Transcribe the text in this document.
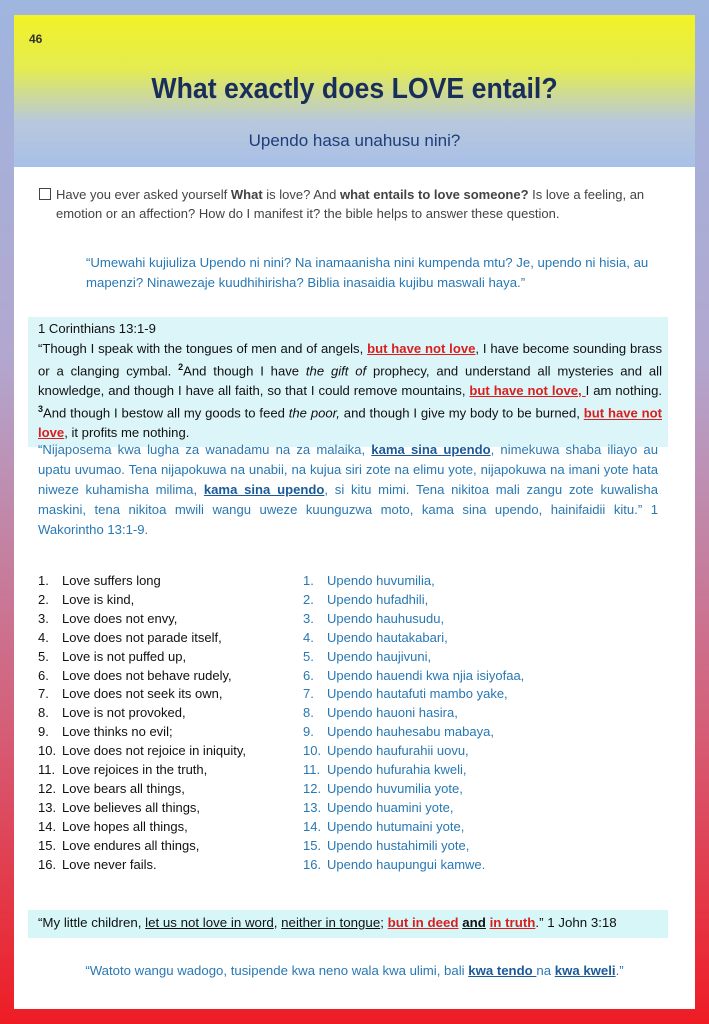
46
What exactly does LOVE entail?
Upendo hasa unahusu nini?
Have you ever asked yourself What is love? And what entails to love someone? Is love a feeling, an emotion or an affection? How do I manifest it? the bible helps to answer these question.
“Umewahi kujiuliza Upendo ni nini? Na inamaanisha nini kumpenda mtu? Je, upendo ni hisia, au mapenzi? Ninawezaje kuudhihirisha? Biblia inasaidia kujibu maswali haya.”
1 Corinthians 13:1-9
“Though I speak with the tongues of men and of angels, but have not love, I have become sounding brass or a clanging cymbal. $^2$And though I have the gift of prophecy, and understand all mysteries and all knowledge, and though I have all faith, so that I could remove mountains, but have not love, I am nothing. $^3$And though I bestow all my goods to feed the poor, and though I give my body to be burned, but have not love, it profits me nothing.
“Nijaposema kwa lugha za wanadamu na za malaika, kama sina upendo, nimekuwa shaba iliayo au upatu uvumao. Tena nijapokuwa na unabii, na kujua siri zote na elimu yote, nijapokuwa na imani yote hata niweze kuhamisha milima, kama sina upendo, si kitu mimi. Tena nikitoa mali zangu zote kuwalisha maskini, tena nikitoa mwili wangu uweze kuunguzwa moto, kama sina upendo, hainifaidii kitu.” 1 Wakorintho 13:1-9.
1. Love suffers long
2. Love is kind,
3. Love does not envy,
4. Love does not parade itself,
5. Love is not puffed up,
6. Love does not behave rudely,
7. Love does not seek its own,
8. Love is not provoked,
9. Love thinks no evil;
10. Love does not rejoice in iniquity,
11. Love rejoices in the truth,
12. Love bears all things,
13. Love believes all things,
14. Love hopes all things,
15. Love endures all things,
16. Love never fails.
1. Upendo huvumilia,
2. Upendo hufadhili,
3. Upendo hauhusudu,
4. Upendo hautakabari,
5. Upendo haujivuni,
6. Upendo hauendi kwa njia isiyofaa,
7. Upendo hautafuti mambo yake,
8. Upendo hauoni hasira,
9. Upendo hauhesabu mabaya,
10. Upendo haufurahii uovu,
11. Upendo hufurahia kweli,
12. Upendo huvumilia yote,
13. Upendo huamini yote,
14. Upendo hutumaini yote,
15. Upendo hustahimili yote,
16. Upendo haupungui kamwe.
“My little children, let us not love in word, neither in tongue; but in deed and in truth.” 1 John 3:18
“Watoto wangu wadogo, tusipende kwa neno wala kwa ulimi, bali kwa tendo na kwa kweli.”
